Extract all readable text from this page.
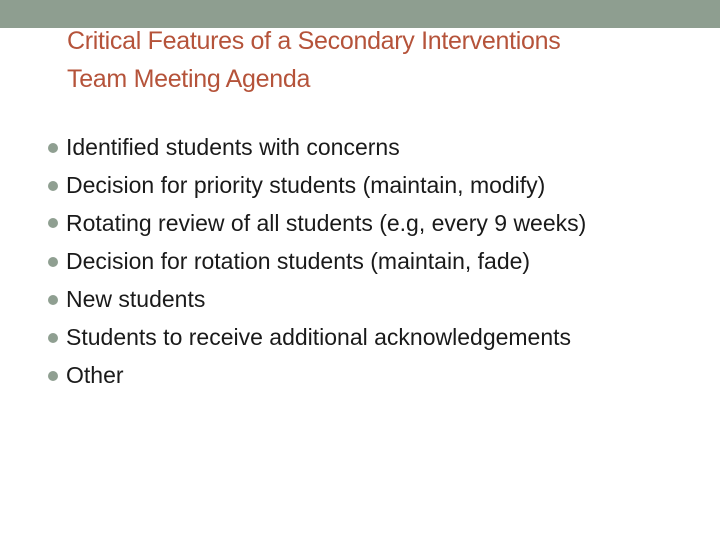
Critical Features of a Secondary Interventions
Team Meeting Agenda
Identified students with concerns
Decision for priority students (maintain, modify)
Rotating review of all students (e.g, every 9 weeks)
Decision for rotation students (maintain, fade)
New students
Students to receive additional acknowledgements
Other
